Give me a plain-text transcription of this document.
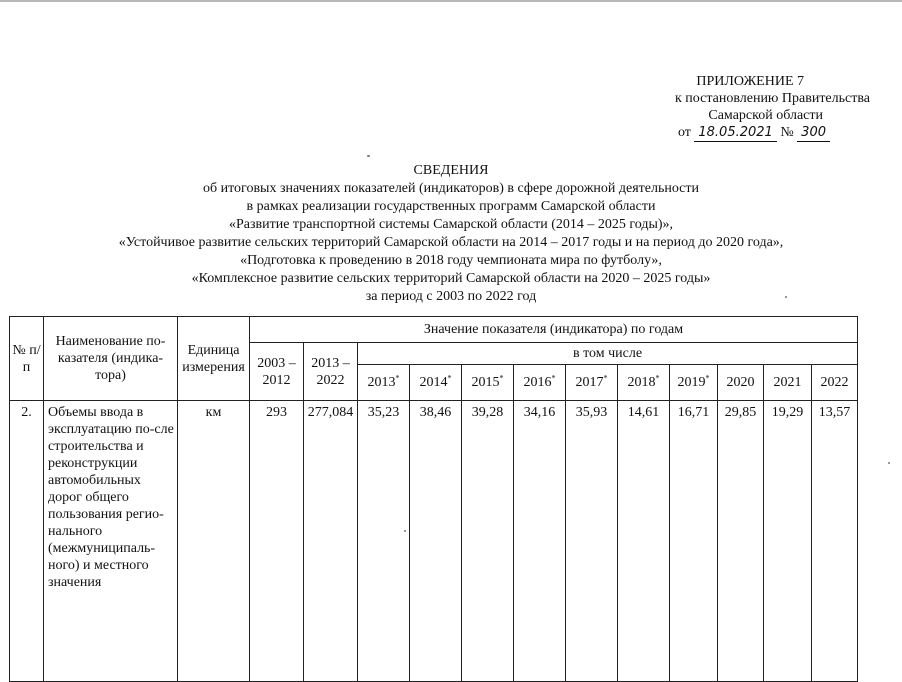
ПРИЛОЖЕНИЕ 7
к постановлению Правительства
Самарской области
от 18.05.2021 № 300
СВЕДЕНИЯ
об итоговых значениях показателей (индикаторов) в сфере дорожной деятельности
в рамках реализации государственных программ Самарской области
«Развитие транспортной системы Самарской области (2014 – 2025 годы)»,
«Устойчивое развитие сельских территорий Самарской области на 2014 – 2017 годы и на период до 2020 года»,
«Подготовка к проведению в 2018 году чемпионата мира по футболу»,
«Комплексное развитие сельских территорий Самарской области на 2020 – 2025 годы»
за период с 2003 по 2022 год
№ п/п	Наименование по-казателя (индика-тора)	Единица измерения	Значение показателя (индикатора) по годам											
			2003 – 2012	2013 – 2022	в том числе									
					2013*	2014*	2015*	2016*	2017*	2018*	2019*	2020	2021	2022
2.	Объемы ввода в эксплуатацию по-сле строительства и реконструкции автомобильных дорог общего пользования регио-нального (межмуниципаль-ного) и местного значения	км	293	277,084	35,23	38,46	39,28	34,16	35,93	14,61	16,71	29,85	19,29	13,57
